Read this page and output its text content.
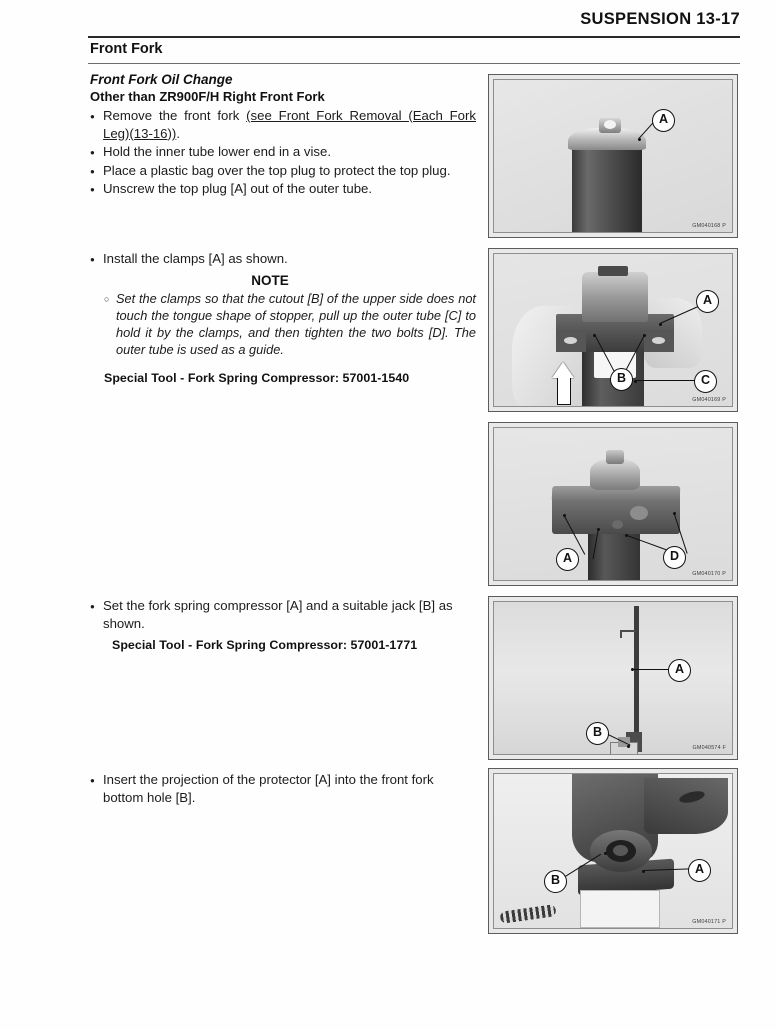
SUSPENSION 13-17
Front Fork
Front Fork Oil Change
Other than ZR900F/H Right Front Fork
● Remove the front fork (see Front Fork Removal (Each Fork Leg)(13-16)).
● Hold the inner tube lower end in a vise.
● Place a plastic bag over the top plug to protect the top plug.
● Unscrew the top plug [A] out of the outer tube.
● Install the clamps [A] as shown.
NOTE
○ Set the clamps so that the cutout [B] of the upper side does not touch the tongue shape of stopper, pull up the outer tube [C] to hold it by the clamps, and then tighten the two bolts [D]. The outer tube is used as a guide.
Special Tool - Fork Spring Compressor: 57001-1540
● Set the fork spring compressor [A] and a suitable jack [B] as shown.
Special Tool - Fork Spring Compressor: 57001-1771
● Insert the projection of the protector [A] into the front fork bottom hole [B].
A
GM040168 P
A
B	C
GM040169 P
A	D
GM040170 P
A
B
GM040574 F
B
A
GM040171 P
